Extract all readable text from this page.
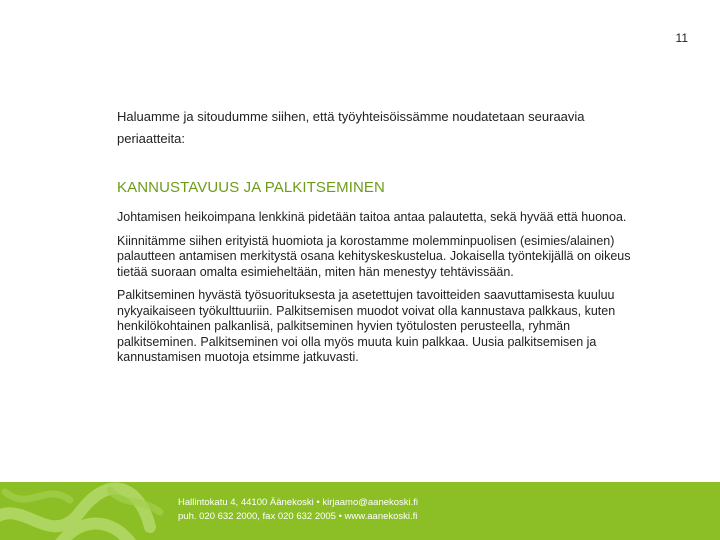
11
Haluamme ja sitoudumme siihen, että työyhteisöissämme noudatetaan seuraavia periaatteita:
KANNUSTAVUUS JA PALKITSEMINEN

Johtamisen heikoimpana lenkkinä pidetään taitoa antaa palautetta, sekä hyvää että huonoa.

Kiinnitämme siihen erityistä huomiota ja korostamme molemminpuolisen (esimies/alainen) palautteen antamisen merkitystä osana kehityskeskustelua. Jokaisella työntekijällä on oikeus tietää suoraan omalta esimieheltään, miten hän menestyy tehtävissään.

Palkitseminen hyvästä työsuorituksesta ja asetettujen tavoitteiden saavuttamisesta kuuluu nykyaikaiseen työkulttuuriin. Palkitsemisen muodot voivat olla kannustava palkkaus, kuten henkilökohtainen palkanlisä, palkitseminen hyvien työtulosten perusteella, ryhmän palkitseminen. Palkitseminen voi olla myös muuta kuin palkkaa. Uusia palkitsemisen ja kannustamisen muotoja etsimme jatkuvasti.

Hallintokatu 4, 44100 Äänekoski • kirjaamo@aanekoski.fi
puh. 020 632 2000, fax 020 632 2005 • www.aanekoski.fi
